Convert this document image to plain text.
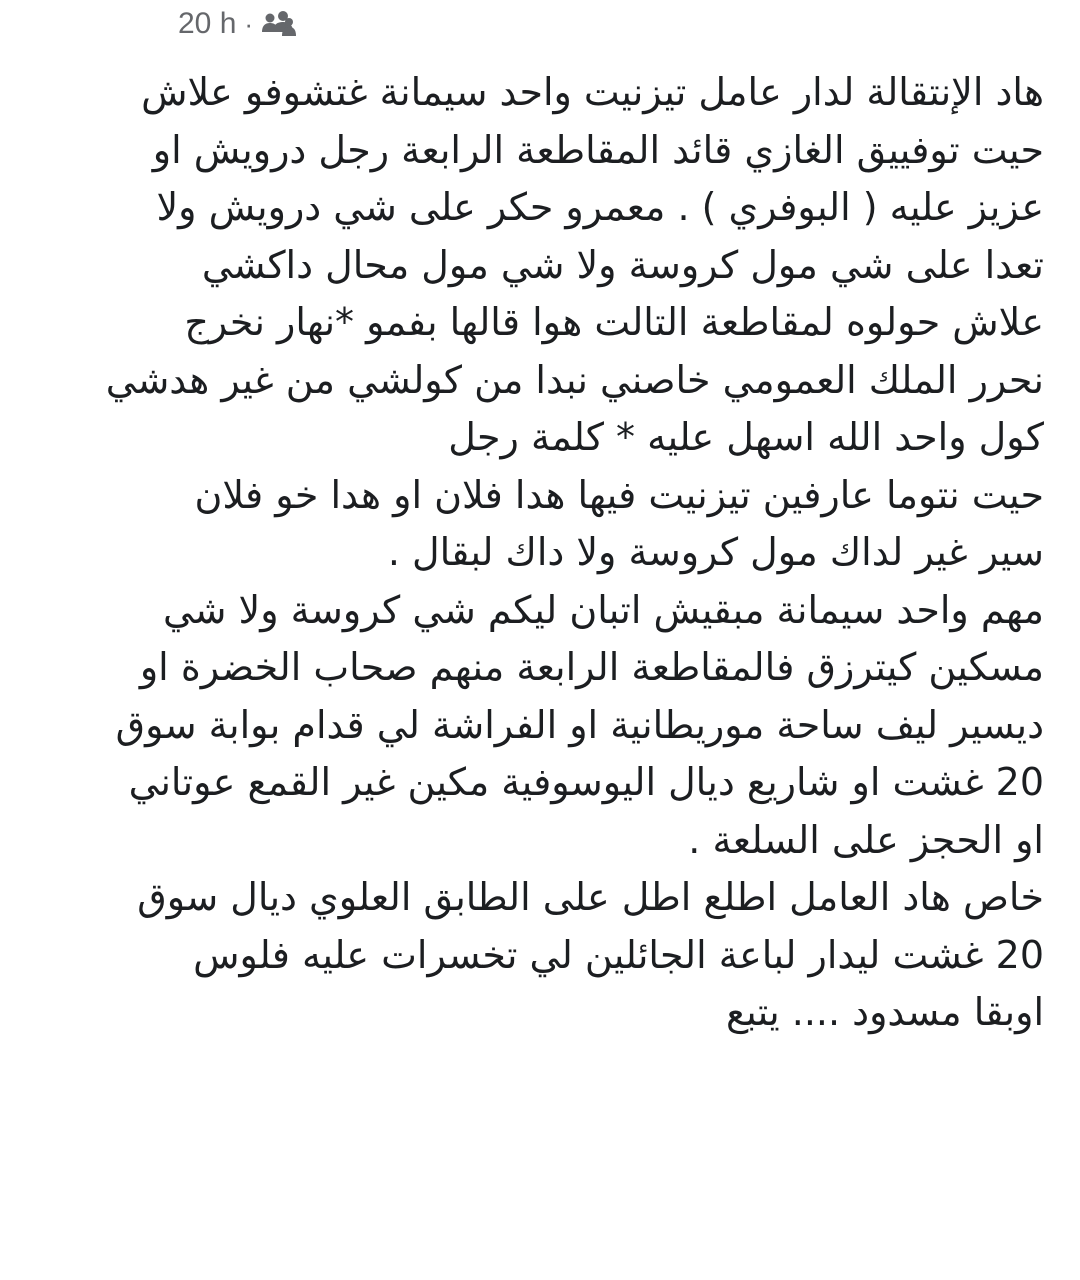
20 h ·
هاد الإنتقالة لدار عامل تيزنيت واحد سيمانة غتشوفو علاش
حيت توفييق الغازي قائد المقاطعة الرابعة رجل درويش او
عزيز عليه ( البوفري ) . معمرو حكر على شي درويش ولا
تعدا على شي مول كروسة ولا شي مول محال داكشي
علاش حولوه لمقاطعة التالت هوا قالها بفمو *نهار نخرج
نحرر الملك العمومي خاصني نبدا من كولشي من غير هدشي
كول واحد الله اسهل عليه * كلمة رجل
حيت نتوما عارفين تيزنيت فيها هدا فلان او هدا خو فلان
سير غير لداك مول كروسة ولا داك لبقال .
مهم واحد سيمانة مبقيش اتبان ليكم شي كروسة ولا شي
مسكين كيترزق فالمقاطعة الرابعة منهم صحاب الخضرة او
ديسير ليف ساحة موريطانية او الفراشة لي قدام بوابة سوق
20 غشت او شاريع ديال اليوسوفية مكين غير القمع عوتاني
او الحجز على السلعة .
خاص هاد العامل اطلع اطل على الطابق العلوي ديال سوق
20 غشت ليدار لباعة الجائلين لي تخسرات عليه فلوس
اوبقا مسدود .... يتبع
